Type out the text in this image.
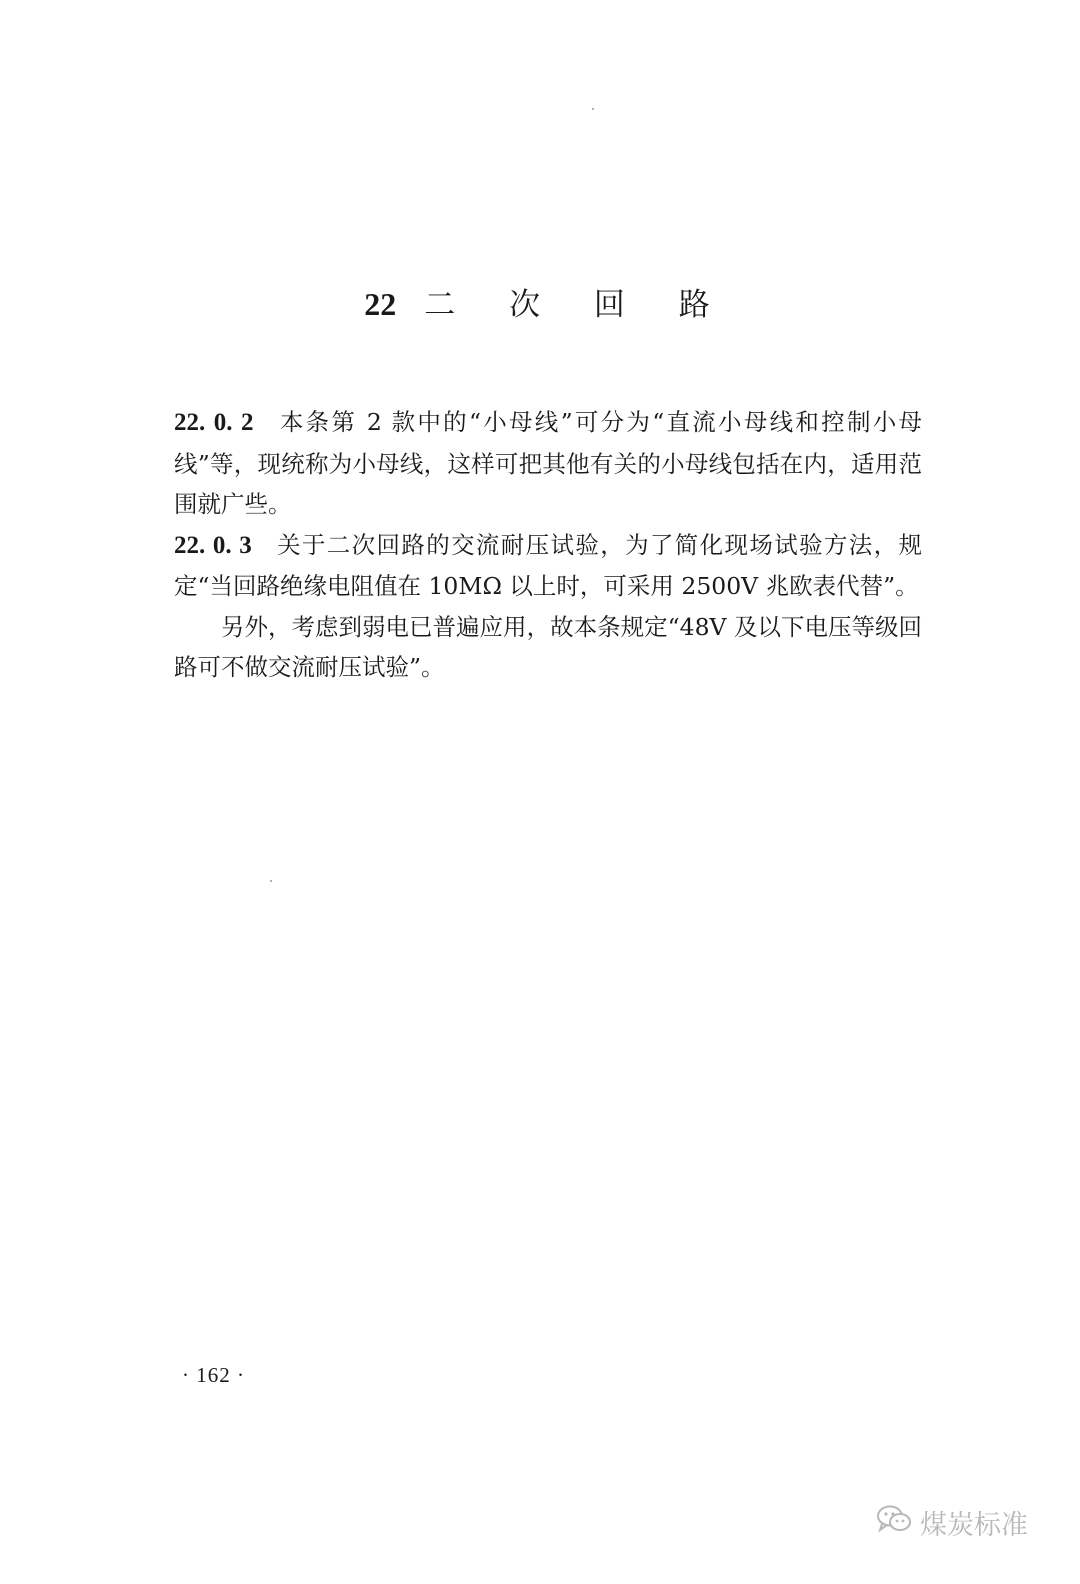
22 二 次 回 路

22. 0. 2 本条第 2 款中的“小母线”可分为“直流小母线和控制小母线”等，现统称为小母线，这样可把其他有关的小母线包括在内，适用范围就广些。

22. 0. 3 关于二次回路的交流耐压试验，为了简化现场试验方法，规定“当回路绝缘电阻值在 10MΩ 以上时，可采用 2500V 兆欧表代替”。

另外，考虑到弱电已普遍应用，故本条规定“48V 及以下电压等级回路可不做交流耐压试验”。

· 162 ·
煤炭标准
